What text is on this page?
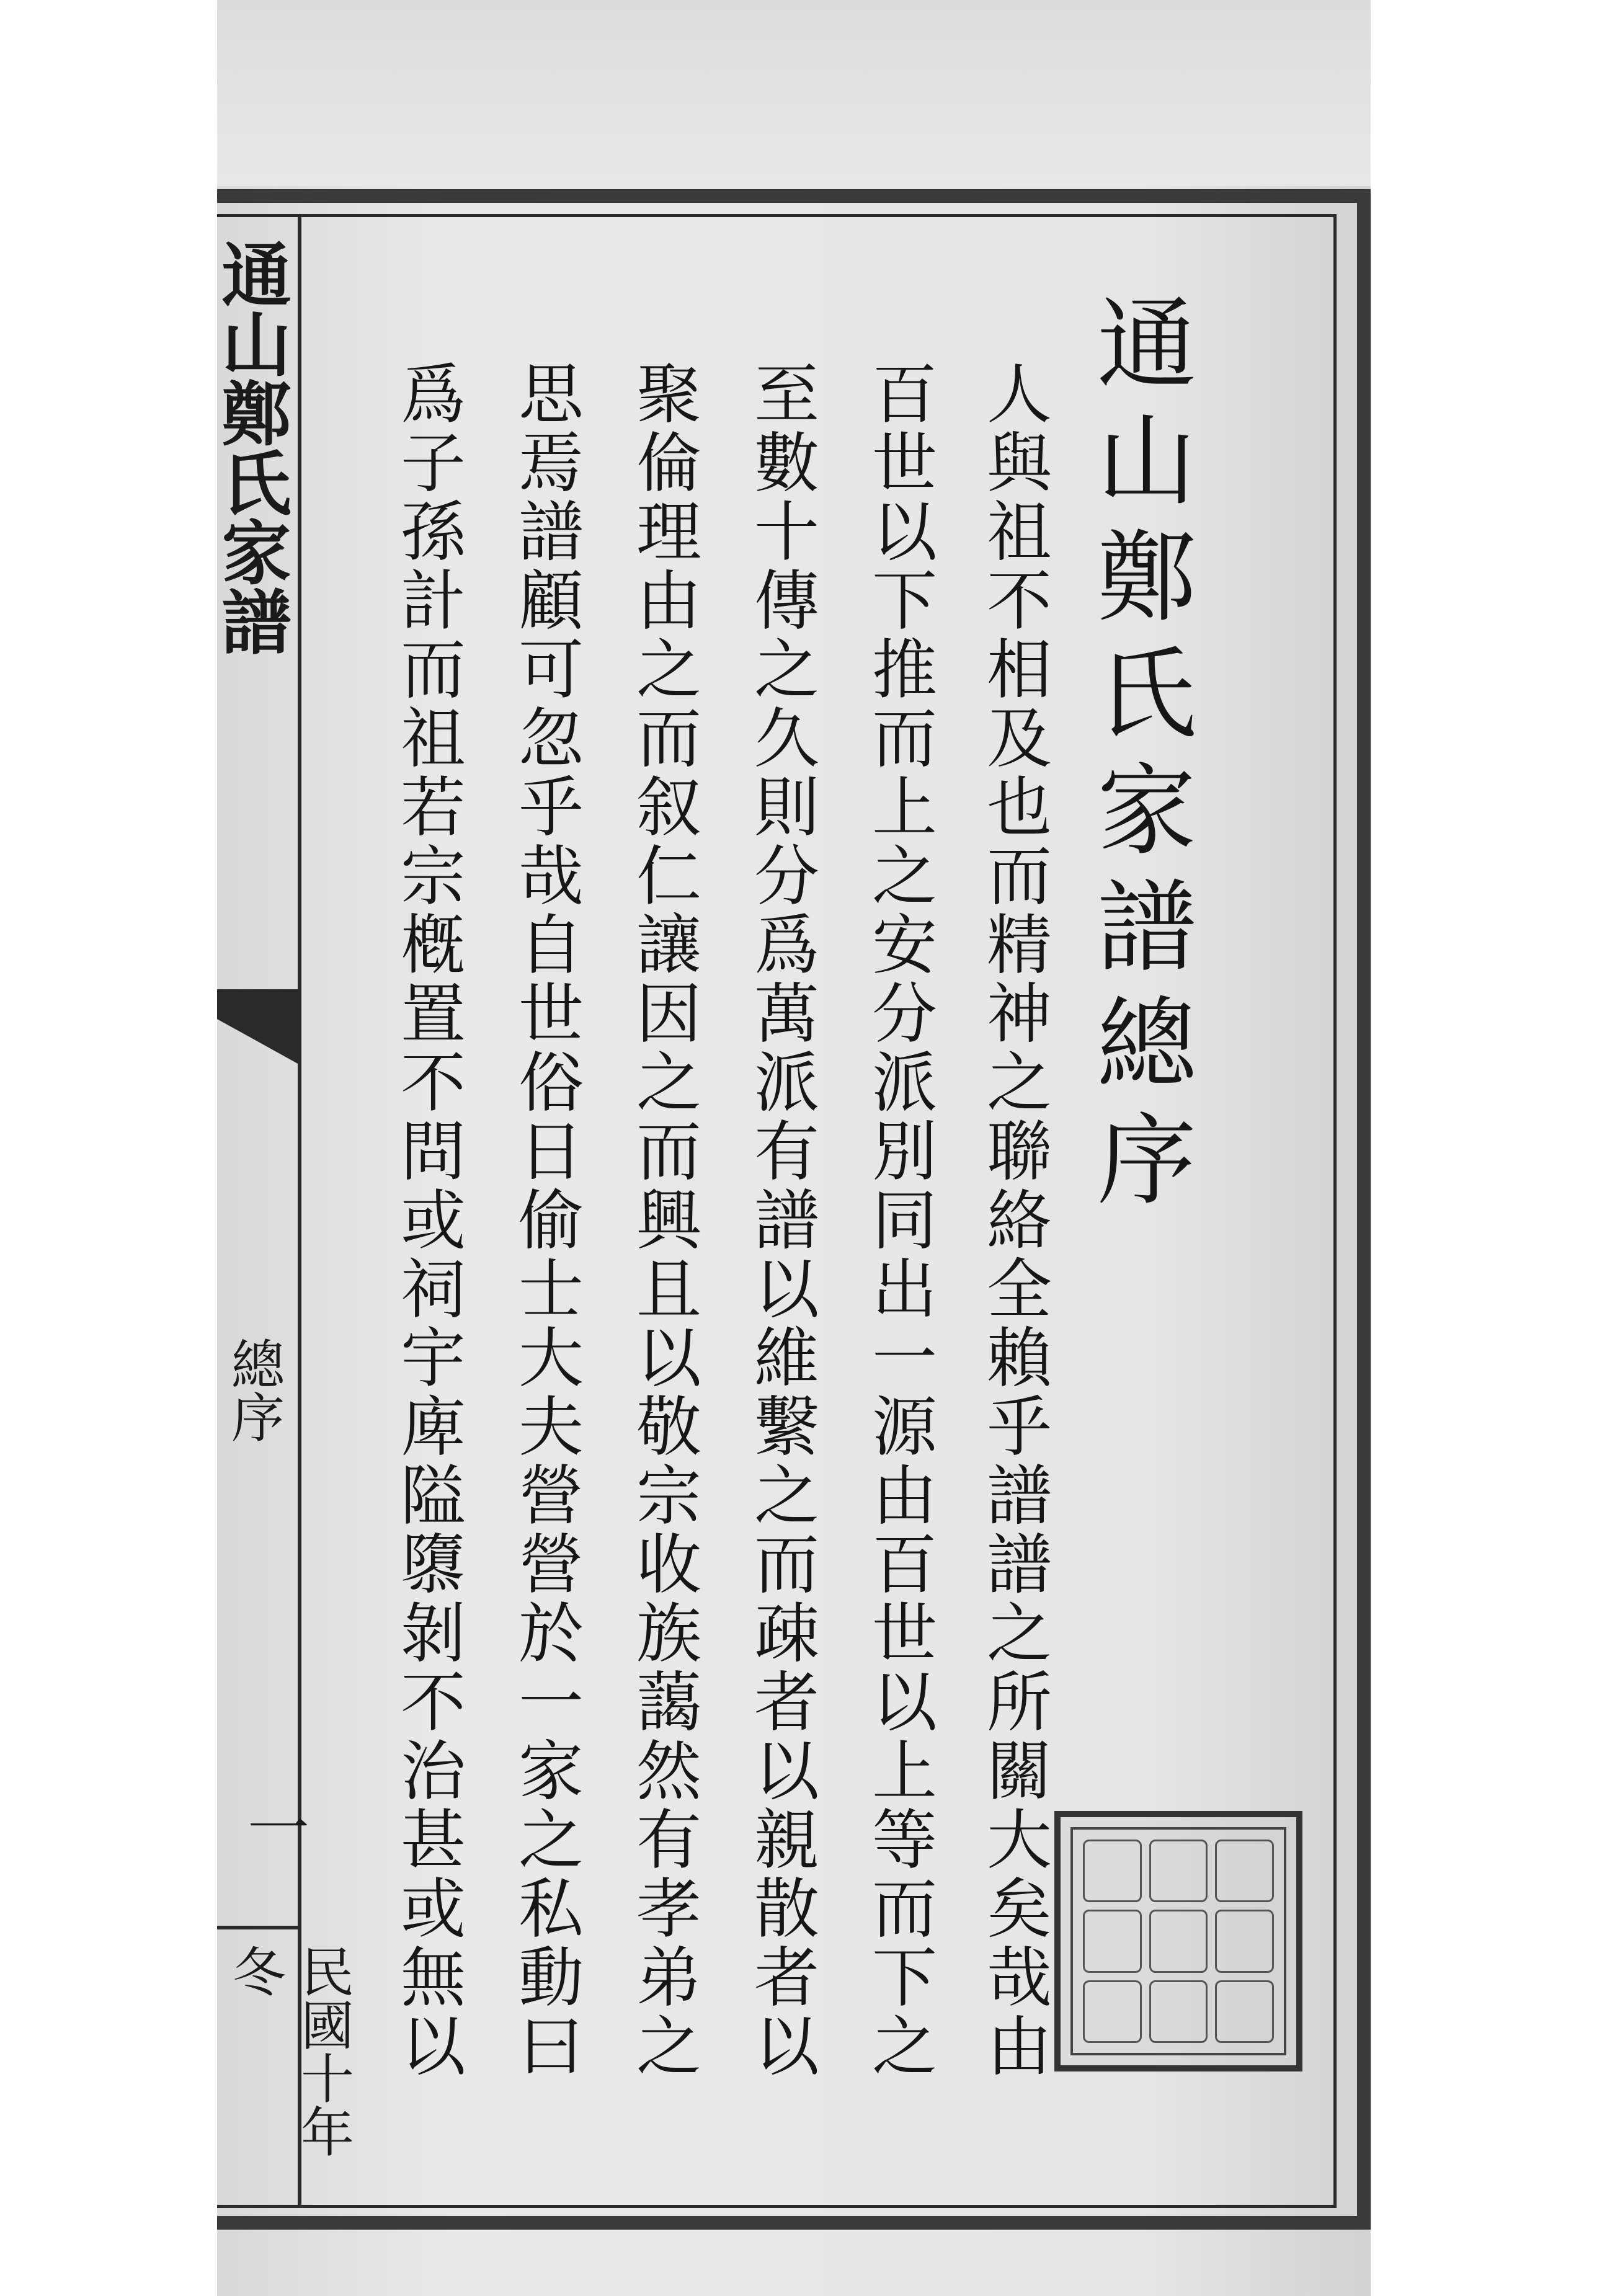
通山鄭氏家譜
總序
一
民國十年冬
通山鄭氏家譜總序
人與祖不相及也而精神之聯絡全賴乎譜譜之所關大矣哉由
百世以下推而上之安分派別同出一源由百世以上等而下之
至數十傳之久則分爲萬派有譜以維繫之而疎者以親散者以
聚倫理由之而叙仁讓因之而興且以敬宗收族藹然有孝弟之
思焉譜顧可忽乎哉自世俗日偷士大夫營營於一家之私動曰
爲子孫計而祖若宗槪置不問或祠宇庳隘隳剝不治甚或無以
